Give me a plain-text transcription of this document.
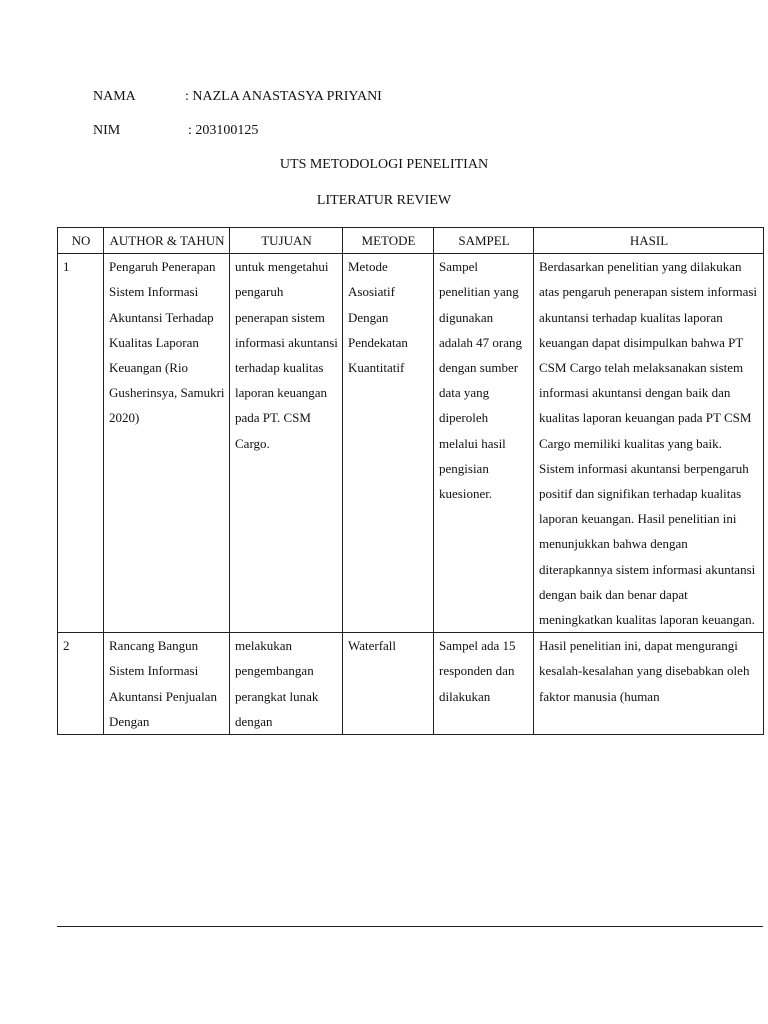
NAMA	: NAZLA ANASTASYA PRIYANI
NIM	: 203100125
UTS METODOLOGI PENELITIAN
LITERATUR REVIEW
NO	AUTHOR & TAHUN	TUJUAN	METODE	SAMPEL	HASIL
1	Pengaruh Penerapan Sistem Informasi Akuntansi Terhadap Kualitas Laporan Keuangan (Rio Gusherinsya, Samukri 2020)	untuk mengetahui pengaruh penerapan sistem informasi akuntansi terhadap kualitas laporan keuangan pada PT. CSM Cargo.	Metode Asosiatif Dengan Pendekatan Kuantitatif	Sampel penelitian yang digunakan adalah 47 orang dengan sumber data yang diperoleh melalui hasil pengisian kuesioner.	Berdasarkan penelitian yang dilakukan atas pengaruh penerapan sistem informasi akuntansi terhadap kualitas laporan keuangan dapat disimpulkan bahwa PT CSM Cargo telah melaksanakan sistem informasi akuntansi dengan baik dan kualitas laporan keuangan pada PT CSM Cargo memiliki kualitas yang baik. Sistem informasi akuntansi berpengaruh positif dan signifikan terhadap kualitas laporan keuangan. Hasil penelitian ini menunjukkan bahwa dengan diterapkannya sistem informasi akuntansi dengan baik dan benar dapat meningkatkan kualitas laporan keuangan.
2	Rancang Bangun Sistem Informasi Akuntansi Penjualan Dengan	melakukan pengembangan perangkat lunak dengan	Waterfall	Sampel ada 15 responden dan dilakukan	Hasil penelitian ini, dapat mengurangi kesalah-kesalahan yang disebabkan oleh faktor manusia (human
